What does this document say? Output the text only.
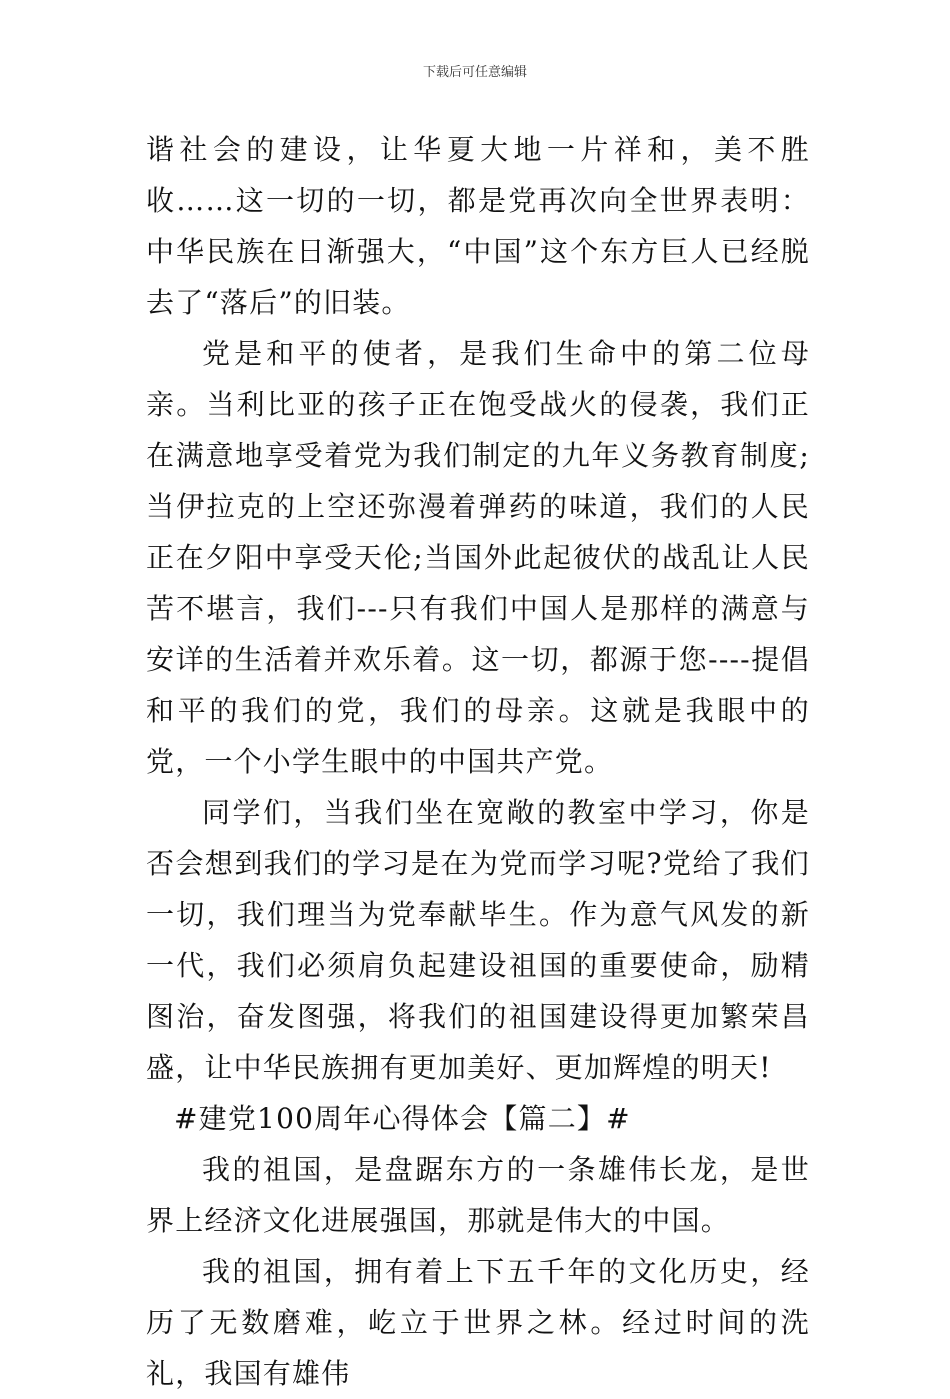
下载后可任意编辑

谐社会的建设，让华夏大地一片祥和，美不胜收……这一切的一切，都是党再次向全世界表明：中华民族在日渐强大，“中国”这个东方巨人已经脱去了“落后”的旧装。

党是和平的使者，是我们生命中的第二位母亲。当利比亚的孩子正在饱受战火的侵袭，我们正在满意地享受着党为我们制定的九年义务教育制度;当伊拉克的上空还弥漫着弹药的味道，我们的人民正在夕阳中享受天伦;当国外此起彼伏的战乱让人民苦不堪言，我们---只有我们中国人是那样的满意与安详的生活着并欢乐着。这一切，都源于您----提倡和平的我们的党，我们的母亲。这就是我眼中的党，一个小学生眼中的中国共产党。

同学们，当我们坐在宽敞的教室中学习，你是否会想到我们的学习是在为党而学习呢?党给了我们一切，我们理当为党奉献毕生。作为意气风发的新一代，我们必须肩负起建设祖国的重要使命，励精图治，奋发图强，将我们的祖国建设得更加繁荣昌盛，让中华民族拥有更加美好、更加辉煌的明天!

#建党100周年心得体会【篇二】#

我的祖国，是盘踞东方的一条雄伟长龙，是世界上经济文化进展强国，那就是伟大的中国。

我的祖国，拥有着上下五千年的文化历史，经历了无数磨难，屹立于世界之林。经过时间的洗礼，我国有雄伟
